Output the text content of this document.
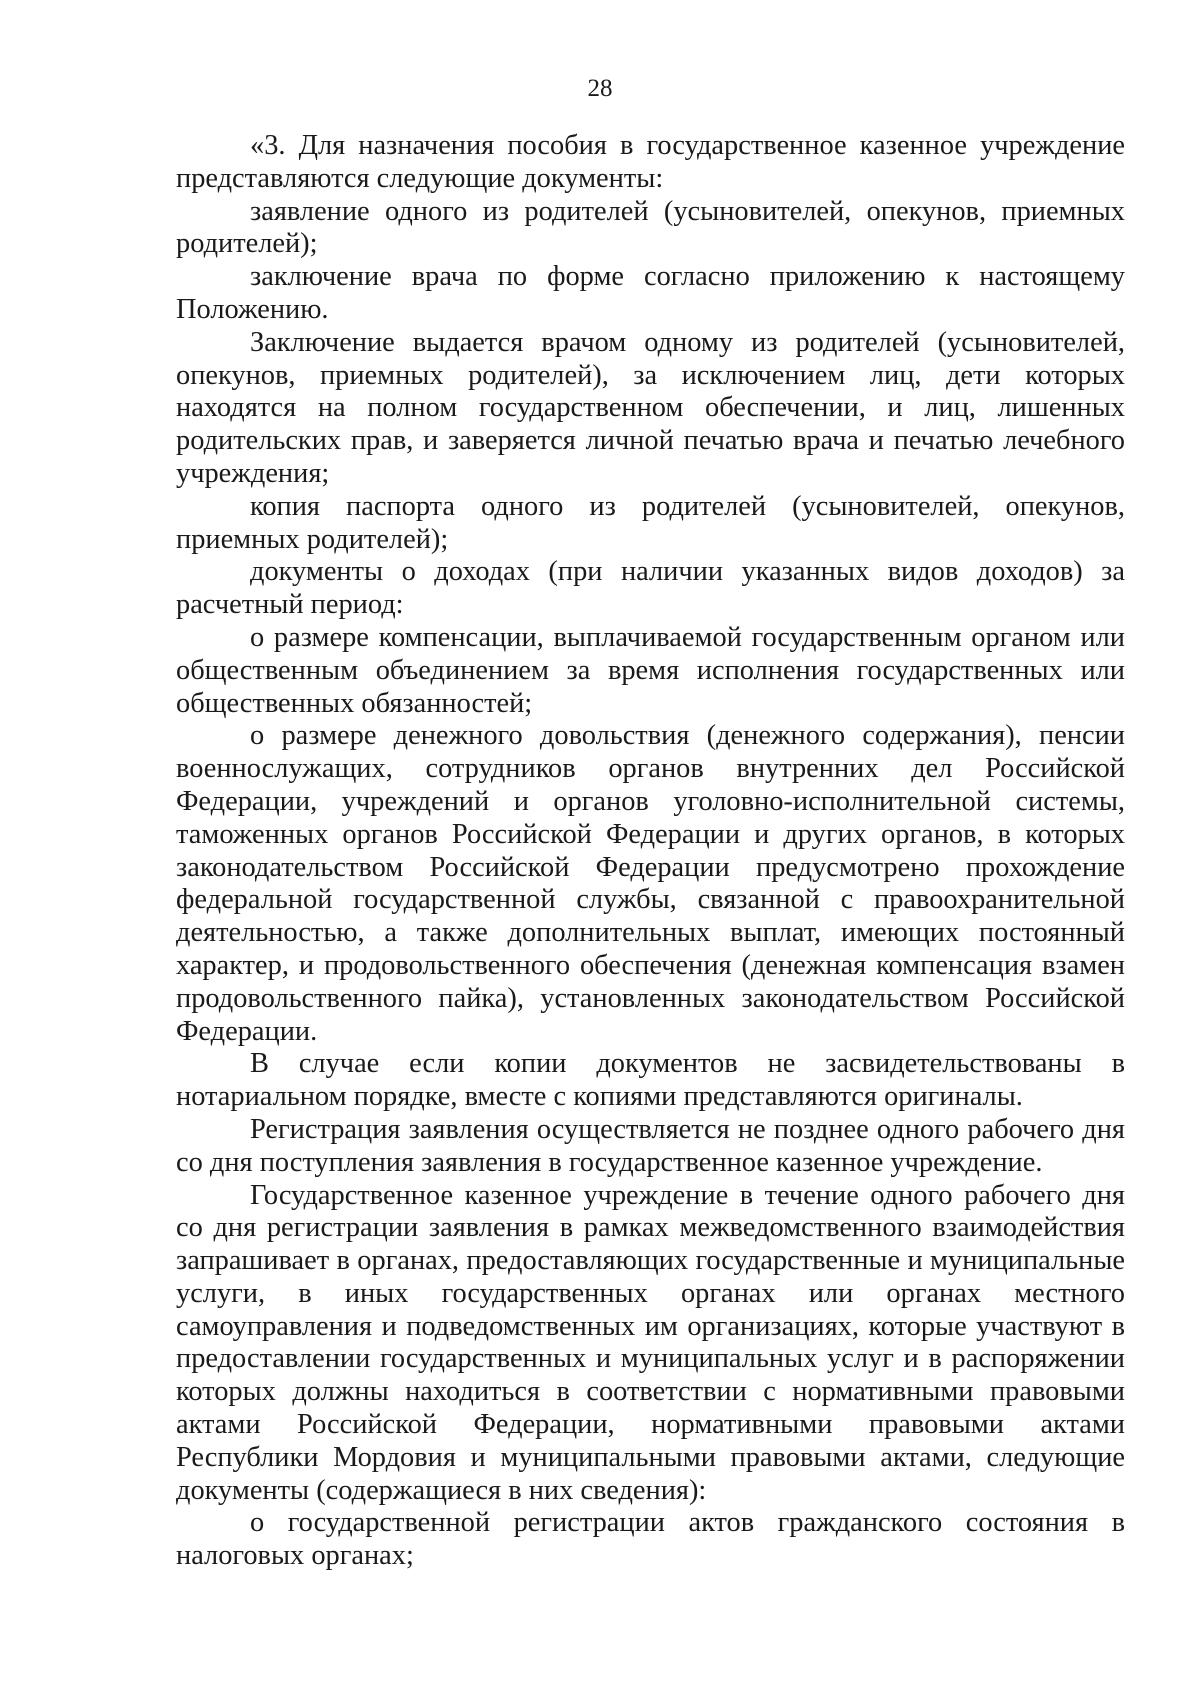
28

«3. Для назначения пособия в государственное казенное учреждение представляются следующие документы:

заявление одного из родителей (усыновителей, опекунов, приемных родителей);

заключение врача по форме согласно приложению к настоящему Положению.

Заключение выдается врачом одному из родителей (усыновителей, опекунов, приемных родителей), за исключением лиц, дети которых находятся на полном государственном обеспечении, и лиц, лишенных родительских прав, и заверяется личной печатью врача и печатью лечебного учреждения;

копия паспорта одного из родителей (усыновителей, опекунов, приемных родителей);

документы о доходах (при наличии указанных видов доходов) за расчетный период:

о размере компенсации, выплачиваемой государственным органом или общественным объединением за время исполнения государственных или общественных обязанностей;

о размере денежного довольствия (денежного содержания), пенсии военнослужащих, сотрудников органов внутренних дел Российской Федерации, учреждений и органов уголовно-исполнительной системы, таможенных органов Российской Федерации и других органов, в которых законодательством Российской Федерации предусмотрено прохождение федеральной государственной службы, связанной с правоохранительной деятельностью, а также дополнительных выплат, имеющих постоянный характер, и продовольственного обеспечения (денежная компенсация взамен продовольственного пайка), установленных законодательством Российской Федерации.

В случае если копии документов не засвидетельствованы в нотариальном порядке, вместе с копиями представляются оригиналы.

Регистрация заявления осуществляется не позднее одного рабочего дня со дня поступления заявления в государственное казенное учреждение.

Государственное казенное учреждение в течение одного рабочего дня со дня регистрации заявления в рамках межведомственного взаимодействия запрашивает в органах, предоставляющих государственные и муниципальные услуги, в иных государственных органах или органах местного самоуправления и подведомственных им организациях, которые участвуют в предоставлении государственных и муниципальных услуг и в распоряжении которых должны находиться в соответствии с нормативными правовыми актами Российской Федерации, нормативными правовыми актами Республики Мордовия и муниципальными правовыми актами, следующие документы (содержащиеся в них сведения):

о государственной регистрации актов гражданского состояния в налоговых органах;
